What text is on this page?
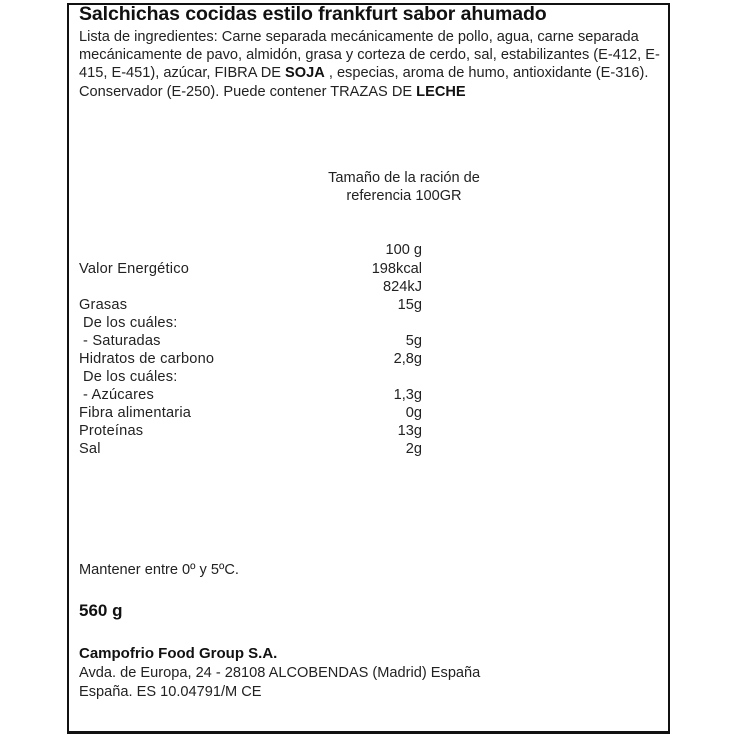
Salchichas cocidas estilo frankfurt sabor ahumado
Lista de ingredientes: Carne separada mecánicamente de pollo, agua, carne separada mecánicamente de pavo, almidón, grasa y corteza de cerdo, sal, estabilizantes (E-412, E-415, E-451), azúcar, FIBRA DE SOJA , especias, aroma de humo, antioxidante (E-316). Conservador (E-250). Puede contener TRAZAS DE LECHE
Tamaño de la ración de
referencia 100GR
100 g
Valor Energético	198kcal
824kJ
Grasas	15g
De los cuáles:
- Saturadas	5g
Hidratos de carbono	2,8g
De los cuáles:
- Azúcares	1,3g
Fibra alimentaria	0g
Proteínas	13g
Sal	2g
Mantener entre 0º y 5ºC.
560 g
Campofrio Food Group S.A.
Avda. de Europa, 24 - 28108 ALCOBENDAS (Madrid) España
España. ES 10.04791/M CE
